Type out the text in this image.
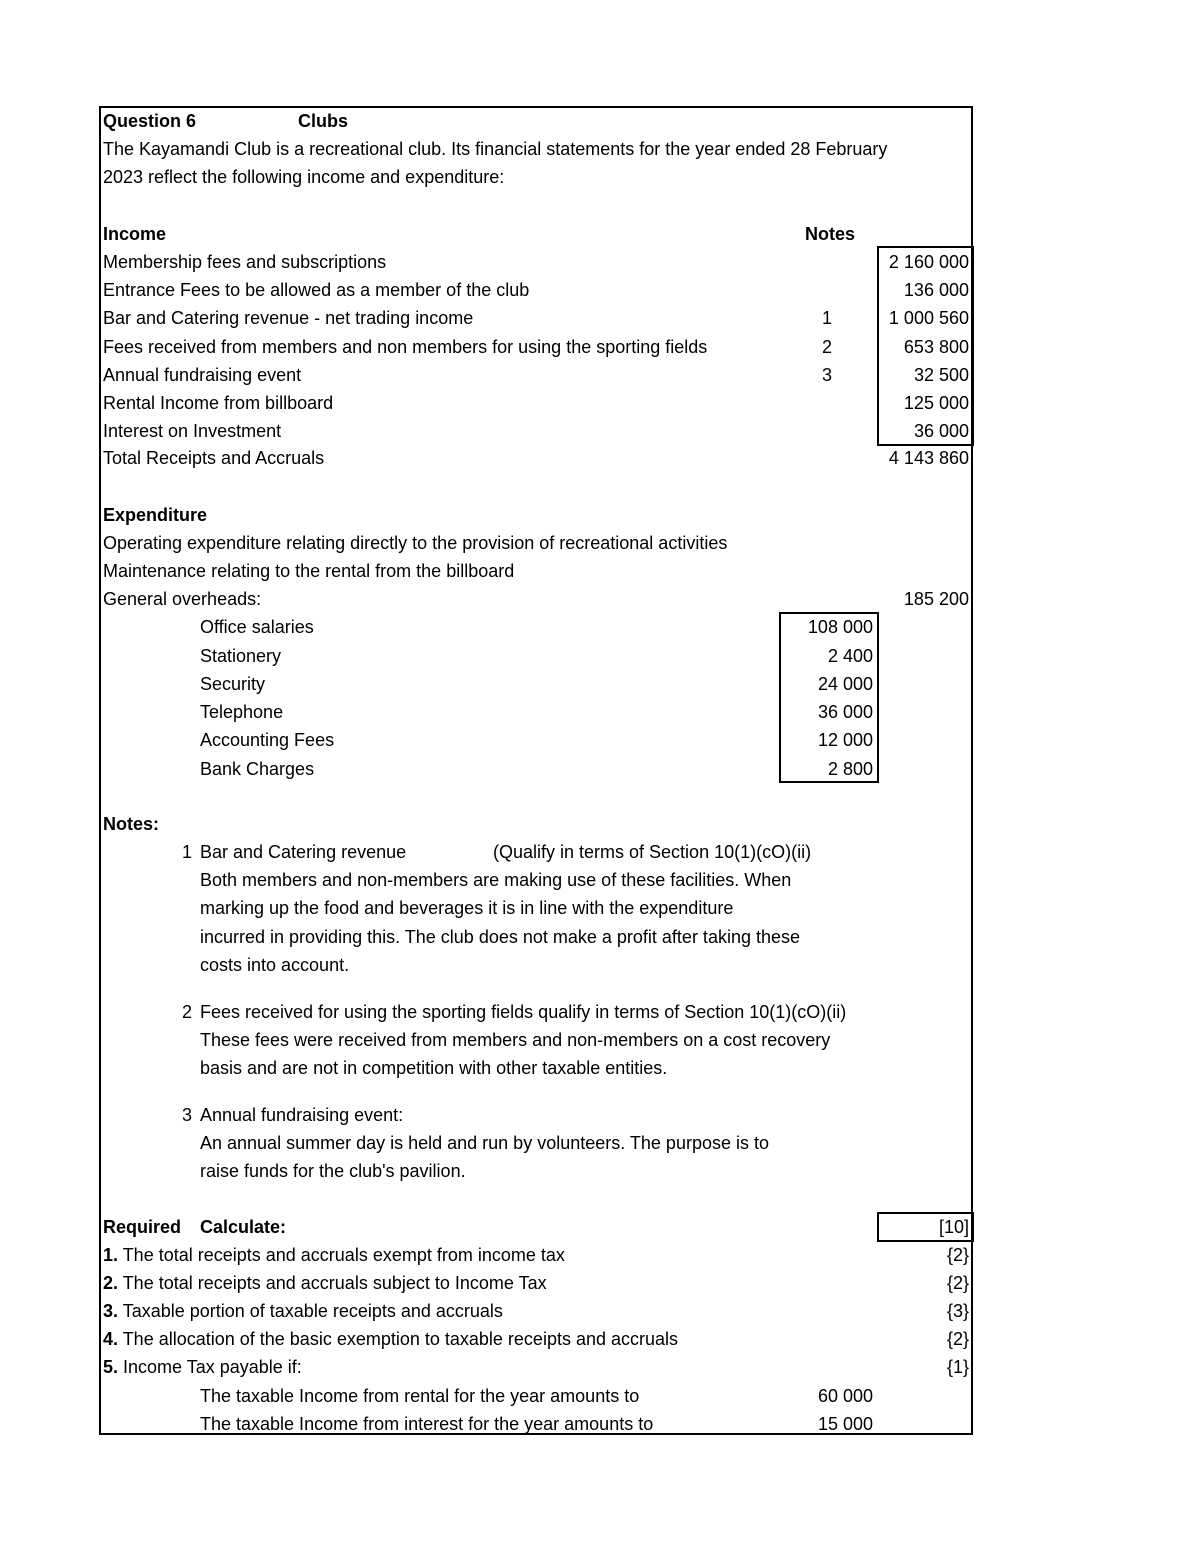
Question 6	Clubs
The Kayamandi Club is a recreational club. Its financial statements for the year ended 28 February
2023 reflect the following income and expenditure:
Income	Notes
Membership fees and subscriptions	2 160 000
Entrance Fees to be allowed as a member of the club	136 000
Bar and Catering revenue - net trading income	1	1 000 560
Fees received from members and non members for using the sporting fields	2	653 800
Annual fundraising event	3	32 500
Rental Income from billboard	125 000
Interest on Investment	36 000
Total Receipts and Accruals	4 143 860
Expenditure
Operating expenditure relating directly to the provision of recreational activities
Maintenance relating to the rental from the billboard
General overheads:	185 200
Office salaries	108 000
Stationery	2 400
Security	24 000
Telephone	36 000
Accounting Fees	12 000
Bank Charges	2 800
Notes:
1 Bar and Catering revenue	(Qualify in terms of Section 10(1)(cO)(ii)
Both members and non-members are making use of these facilities. When
marking up the food and beverages it is in line with the expenditure
incurred in providing this. The club does not make a profit after taking these
costs into account.
2 Fees received for using the sporting fields qualify in terms of Section 10(1)(cO)(ii)
These fees were received from members and non-members on a cost recovery
basis and are not in competition with other taxable entities.
3 Annual fundraising event:
An annual summer day is held and run by volunteers. The purpose is to
raise funds for the club's pavilion.
Required Calculate:	[10]
1. The total receipts and accruals exempt from income tax	{2}
2. The total receipts and accruals subject to Income Tax	{2}
3. Taxable portion of taxable receipts and accruals	{3}
4. The allocation of the basic exemption to taxable receipts and accruals	{2}
5. Income Tax payable if:	{1}
The taxable Income from rental for the year amounts to	60 000
The taxable Income from interest for the year amounts to	15 000
